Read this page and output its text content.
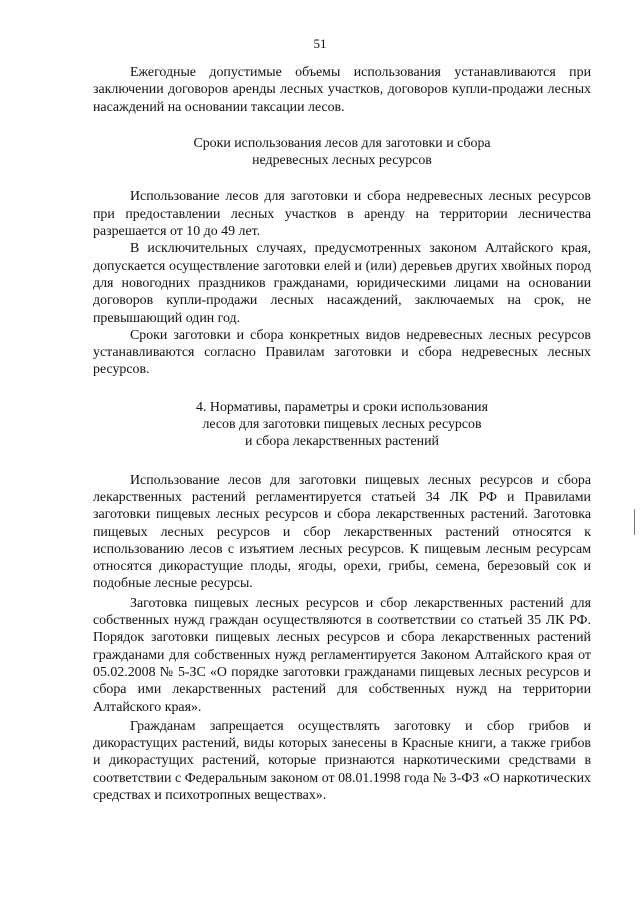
51

Ежегодные допустимые объемы использования устанавливаются при заключении договоров аренды лесных участков, договоров купли-продажи лесных насаждений на основании таксации лесов.

Сроки использования лесов для заготовки и сбора
недревесных лесных ресурсов

Использование лесов для заготовки и сбора недревесных лесных ресурсов при предоставлении лесных участков в аренду на территории лесничества разрешается от 10 до 49 лет.

В исключительных случаях, предусмотренных законом Алтайского края, допускается осуществление заготовки елей и (или) деревьев других хвойных пород для новогодних праздников гражданами, юридическими лицами на основании договоров купли-продажи лесных насаждений, заключаемых на срок, не превышающий один год.

Сроки заготовки и сбора конкретных видов недревесных лесных ресурсов устанавливаются согласно Правилам заготовки и сбора недревесных лесных ресурсов.

4. Нормативы, параметры и сроки использования
лесов для заготовки пищевых лесных ресурсов
и сбора лекарственных растений

Использование лесов для заготовки пищевых лесных ресурсов и сбора лекарственных растений регламентируется статьей 34 ЛК РФ и Правилами заготовки пищевых лесных ресурсов и сбора лекарственных растений. Заготовка пищевых лесных ресурсов и сбор лекарственных растений относятся к использованию лесов с изъятием лесных ресурсов. К пищевым лесным ресурсам относятся дикорастущие плоды, ягоды, орехи, грибы, семена, березовый сок и подобные лесные ресурсы.

Заготовка пищевых лесных ресурсов и сбор лекарственных растений для собственных нужд граждан осуществляются в соответствии со статьей 35 ЛК РФ. Порядок заготовки пищевых лесных ресурсов и сбора лекарственных растений гражданами для собственных нужд регламентируется Законом Алтайского края от 05.02.2008 № 5-ЗС «О порядке заготовки гражданами пищевых лесных ресурсов и сбора ими лекарственных растений для собственных нужд на территории Алтайского края».

Гражданам запрещается осуществлять заготовку и сбор грибов и дикорастущих растений, виды которых занесены в Красные книги, а также грибов и дикорастущих растений, которые признаются наркотическими средствами в соответствии с Федеральным законом от 08.01.1998 года № 3-ФЗ «О наркотических средствах и психотропных веществах».
